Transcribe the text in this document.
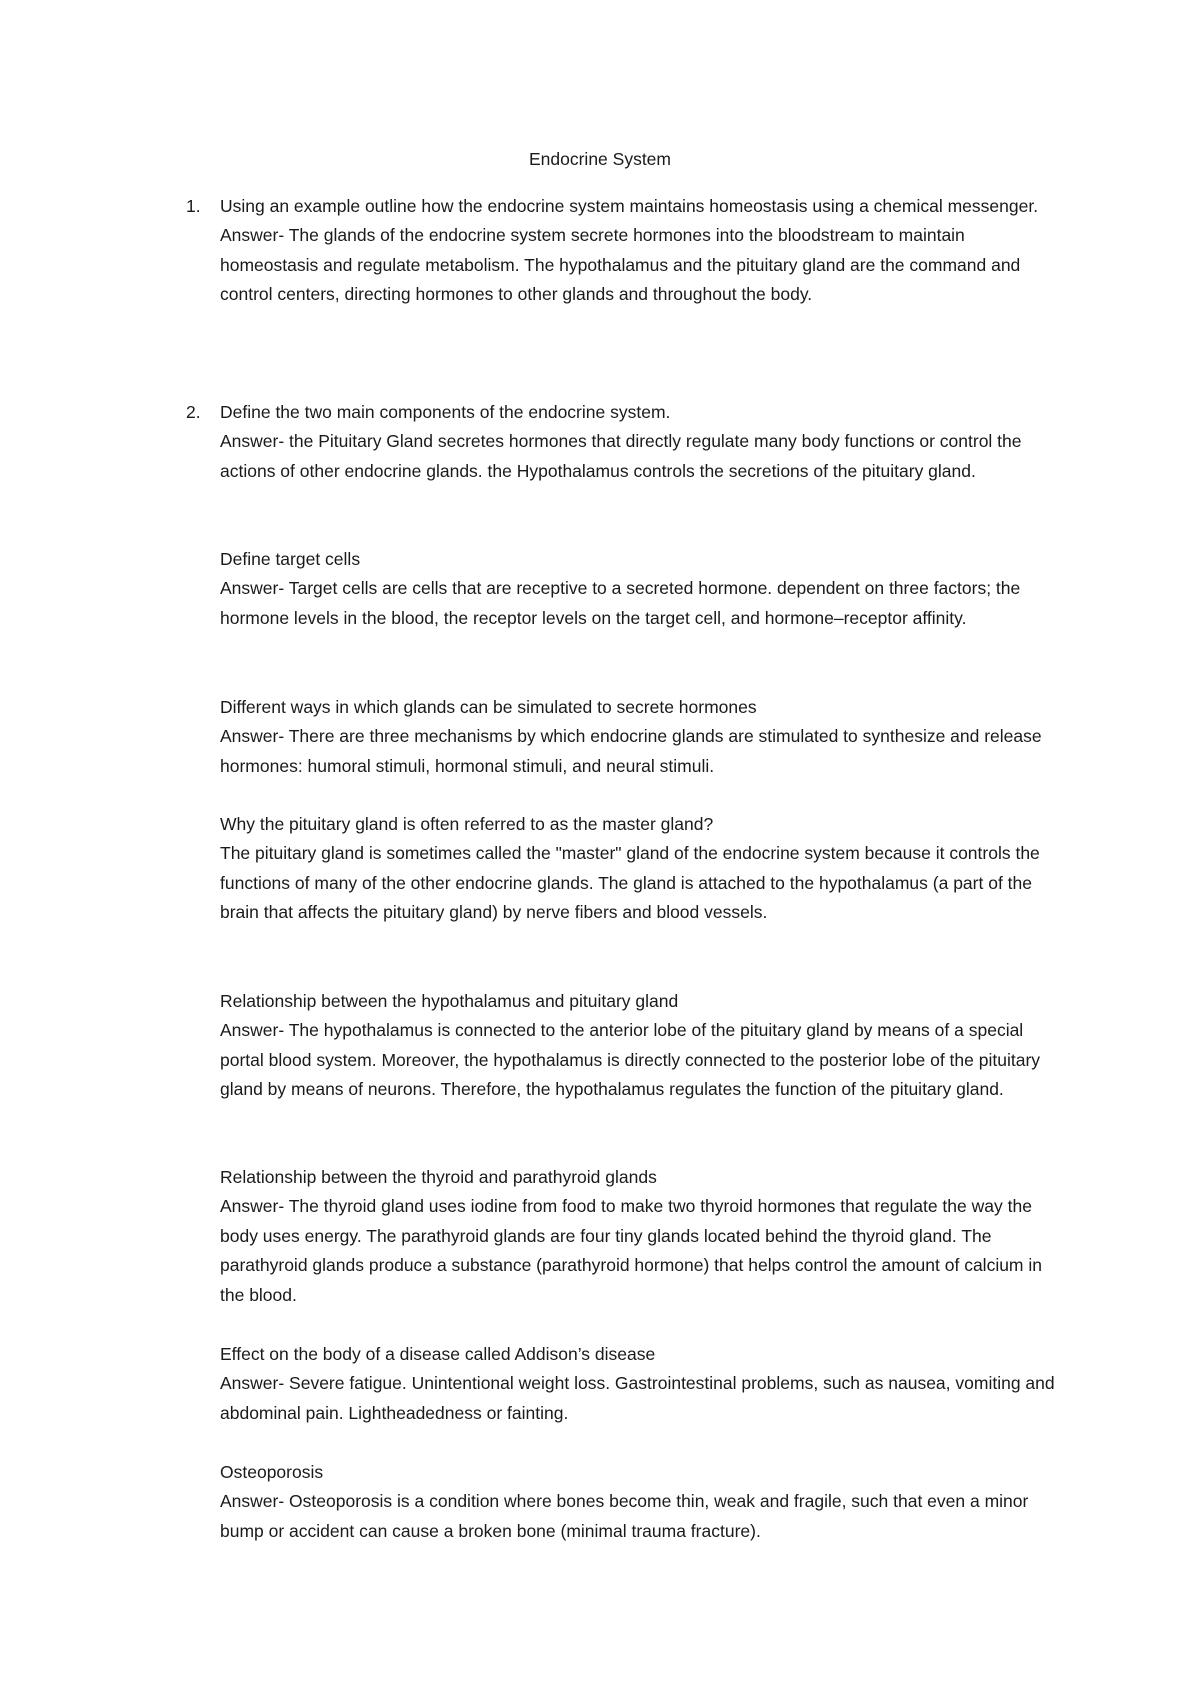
Endocrine System
1.	Using an example outline how the endocrine system maintains homeostasis using a chemical messenger.

Answer- The glands of the endocrine system secrete hormones into the bloodstream to maintain homeostasis and regulate metabolism. The hypothalamus and the pituitary gland are the command and control centers, directing hormones to other glands and throughout the body.

2.	Define the two main components of the endocrine system.

Answer- the Pituitary Gland secretes hormones that directly regulate many body functions or control the actions of other endocrine glands. the Hypothalamus controls the secretions of the pituitary gland.

Define target cells

Answer- Target cells are cells that are receptive to a secreted hormone. dependent on three factors; the hormone levels in the blood, the receptor levels on the target cell, and hormone–receptor affinity.

Different ways in which glands can be simulated to secrete hormones

Answer- There are three mechanisms by which endocrine glands are stimulated to synthesize and release hormones: humoral stimuli, hormonal stimuli, and neural stimuli.

Why the pituitary gland is often referred to as the master gland?

The pituitary gland is sometimes called the "master" gland of the endocrine system because it controls the functions of many of the other endocrine glands. The gland is attached to the hypothalamus (a part of the brain that affects the pituitary gland) by nerve fibers and blood vessels.

Relationship between the hypothalamus and pituitary gland

Answer- The hypothalamus is connected to the anterior lobe of the pituitary gland by means of a special portal blood system. Moreover, the hypothalamus is directly connected to the posterior lobe of the pituitary gland by means of neurons. Therefore, the hypothalamus regulates the function of the pituitary gland.

Relationship between the thyroid and parathyroid glands

Answer- The thyroid gland uses iodine from food to make two thyroid hormones that regulate the way the body uses energy. The parathyroid glands are four tiny glands located behind the thyroid gland. The parathyroid glands produce a substance (parathyroid hormone) that helps control the amount of calcium in the blood.

Effect on the body of a disease called Addison’s disease

Answer- Severe fatigue. Unintentional weight loss. Gastrointestinal problems, such as nausea, vomiting and abdominal pain. Lightheadedness or fainting.

Osteoporosis

Answer- Osteoporosis is a condition where bones become thin, weak and fragile, such that even a minor bump or accident can cause a broken bone (minimal trauma fracture).
